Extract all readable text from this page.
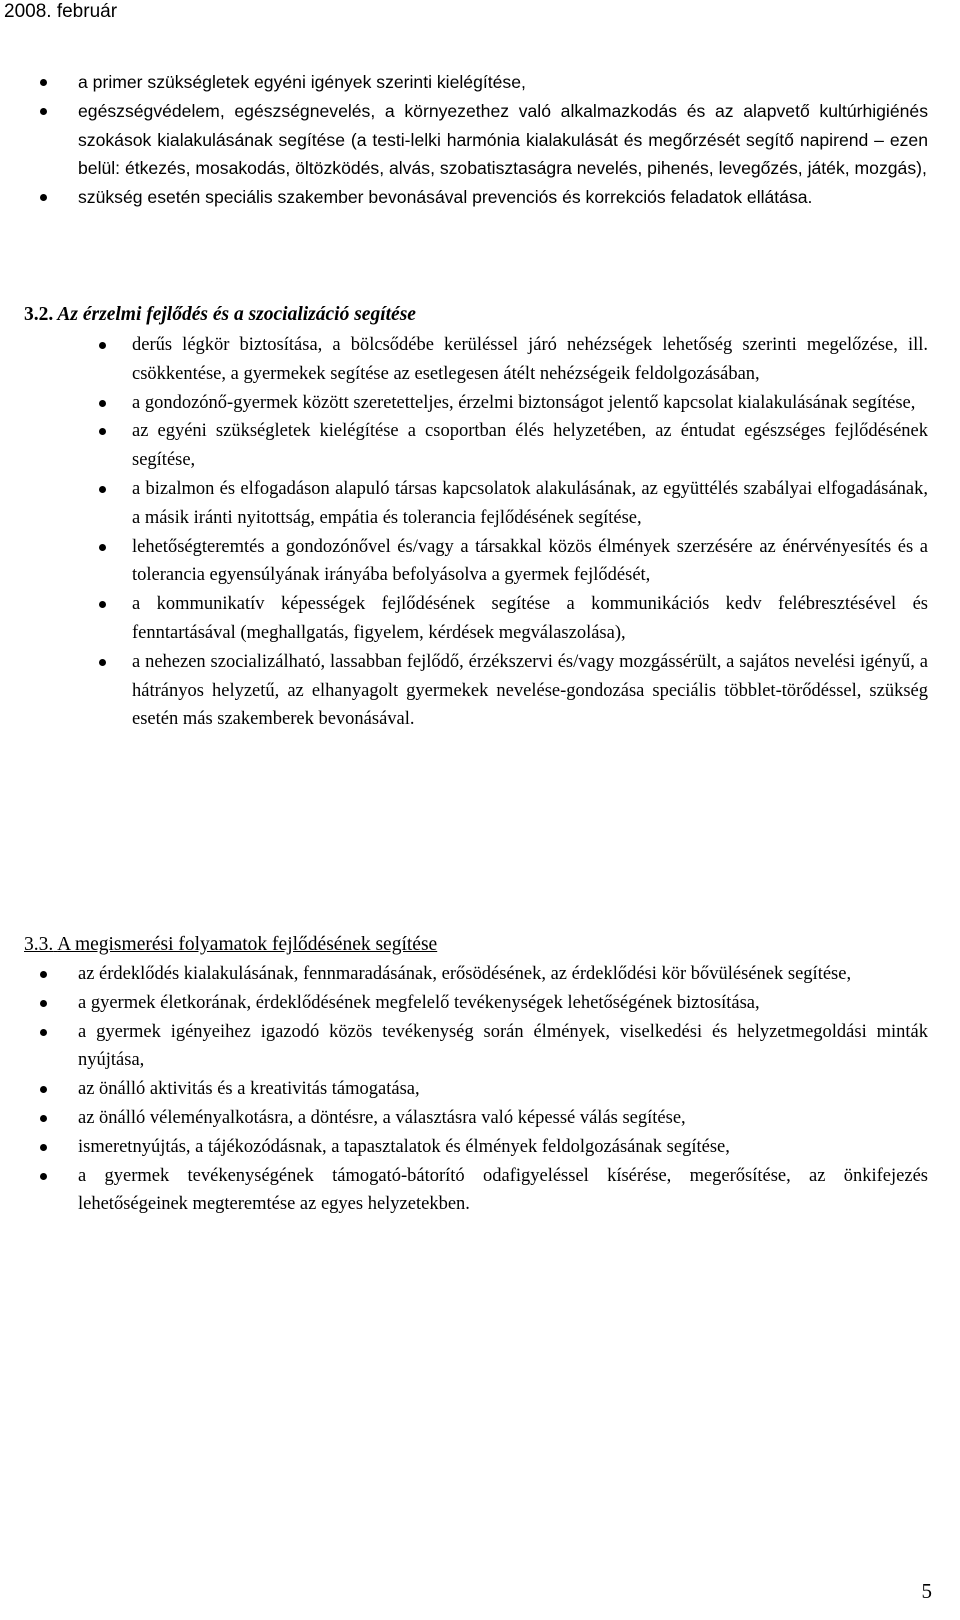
2008. február
a primer szükségletek egyéni igények szerinti kielégítése,
egészségvédelem, egészségnevelés, a környezethez való alkalmazkodás és az alapvető kultúrhigiénés szokások kialakulásának segítése (a testi-lelki harmónia kialakulását és megőrzését segítő napirend – ezen belül: étkezés, mosakodás, öltözködés, alvás, szobatisztaságra nevelés, pihenés, levegőzés, játék, mozgás),
szükség esetén speciális szakember bevonásával prevenciós és korrekciós feladatok ellátása.
3.2. Az érzelmi fejlődés és a szocializáció segítése
derűs légkör biztosítása, a bölcsődébe kerüléssel járó nehézségek lehetőség szerinti megelőzése, ill. csökkentése, a gyermekek segítése az esetlegesen átélt nehézségeik feldolgozásában,
a gondozónő-gyermek között szeretetteljes, érzelmi biztonságot jelentő kapcsolat kialakulásának segítése,
az egyéni szükségletek kielégítése a csoportban élés helyzetében, az éntudat egészséges fejlődésének segítése,
a bizalmon és elfogadáson alapuló társas kapcsolatok alakulásának, az együttélés szabályai elfogadásának, a másik iránti nyitottság, empátia és tolerancia fejlődésének segítése,
lehetőségteremtés a gondozónővel és/vagy a társakkal közös élmények szerzésére az énérvényesítés és a tolerancia egyensúlyának irányába befolyásolva a gyermek fejlődését,
a kommunikatív képességek fejlődésének segítése a kommunikációs kedv felébresztésével és fenntartásával (meghallgatás, figyelem, kérdések megválaszolása),
a nehezen szocializálható, lassabban fejlődő, érzékszervi és/vagy mozgássérült, a sajátos nevelési igényű, a hátrányos helyzetű, az elhanyagolt gyermekek nevelése-gondozása speciális többlet-törődéssel, szükség esetén más szakemberek bevonásával.
3.3. A megismerési folyamatok fejlődésének segítése
az érdeklődés kialakulásának, fennmaradásának, erősödésének, az érdeklődési kör bővülésének segítése,
a gyermek életkorának, érdeklődésének megfelelő tevékenységek lehetőségének biztosítása,
a gyermek igényeihez igazodó közös tevékenység során élmények, viselkedési és helyzetmegoldási minták nyújtása,
az önálló aktivitás és a kreativitás támogatása,
az önálló véleményalkotásra, a döntésre, a választásra való képessé válás segítése,
ismeretnyújtás, a tájékozódásnak, a tapasztalatok és élmények feldolgozásának segítése,
a gyermek tevékenységének támogató-bátorító odafigyeléssel kísérése, megerősítése, az önkifejezés lehetőségeinek megteremtése az egyes helyzetekben.
5
